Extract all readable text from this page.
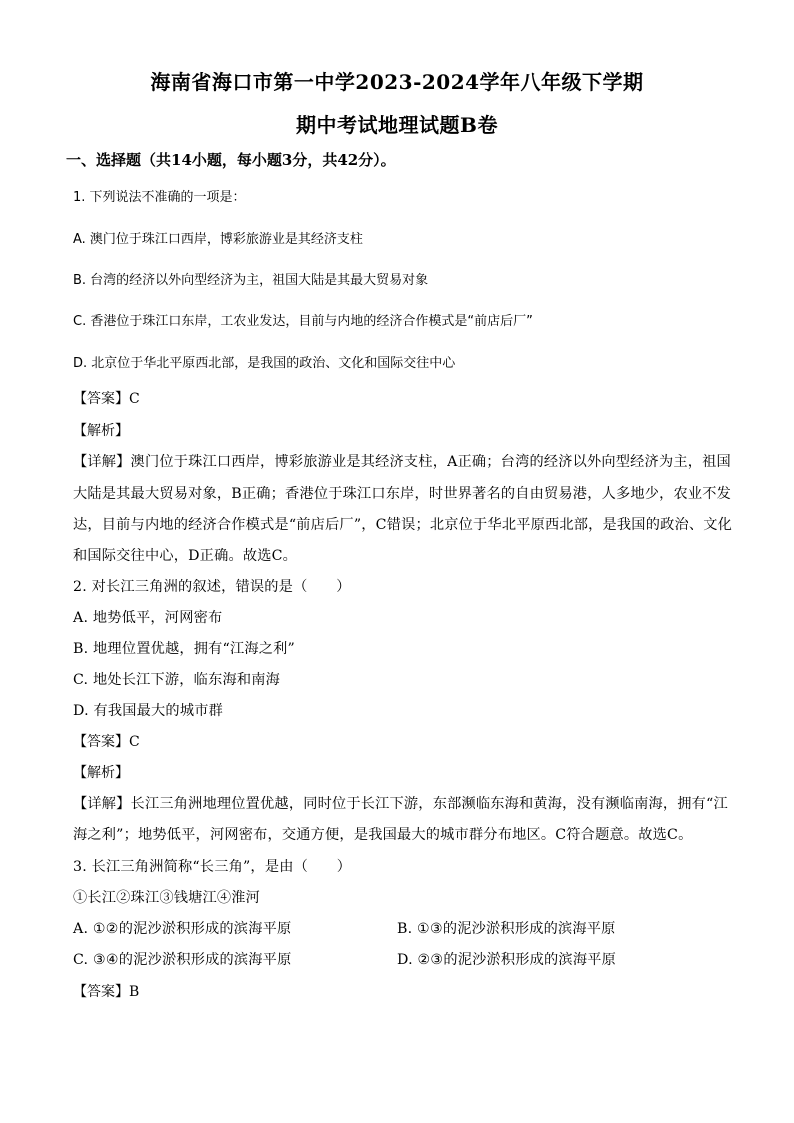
海南省海口市第一中学2023-2024学年八年级下学期
期中考试地理试题B卷
一、选择题（共14小题，每小题3分，共42分）。
1. 下列说法不准确的一项是：
A. 澳门位于珠江口西岸，博彩旅游业是其经济支柱
B. 台湾的经济以外向型经济为主，祖国大陆是其最大贸易对象
C. 香港位于珠江口东岸，工农业发达，目前与内地的经济合作模式是“前店后厂”
D. 北京位于华北平原西北部，是我国的政治、文化和国际交往中心
【答案】C
【解析】
【详解】澳门位于珠江口西岸，博彩旅游业是其经济支柱，A正确；台湾的经济以外向型经济为主，祖国
大陆是其最大贸易对象，B正确；香港位于珠江口东岸，时世界著名的自由贸易港，人多地少，农业不发
达，目前与内地的经济合作模式是“前店后厂”，C错误；北京位于华北平原西北部，是我国的政治、文化
和国际交往中心，D正确。故选C。
2. 对长江三角洲的叙述，错误的是（　　）
A. 地势低平，河网密布
B. 地理位置优越，拥有“江海之利”
C. 地处长江下游，临东海和南海
D. 有我国最大的城市群
【答案】C
【解析】
【详解】长江三角洲地理位置优越，同时位于长江下游，东部濒临东海和黄海，没有濒临南海，拥有“江
海之利”；地势低平，河网密布，交通方便，是我国最大的城市群分布地区。C符合题意。故选C。
3. 长江三角洲简称“长三角”，是由（　　）
①长江②珠江③钱塘江④淮河
A. ①②的泥沙淤积形成的滨海平原	B. ①③的泥沙淤积形成的滨海平原
C. ③④的泥沙淤积形成的滨海平原	D. ②③的泥沙淤积形成的滨海平原
【答案】B
